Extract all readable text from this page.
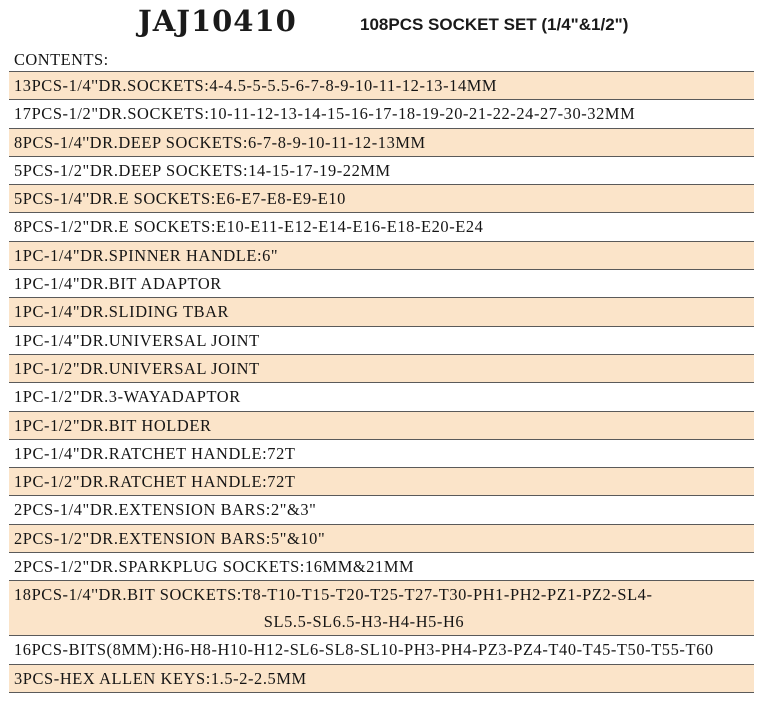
JAJ10410	108PCS SOCKET SET (1/4"&1/2")
CONTENTS:
13PCS-1/4''DR.SOCKETS:4-4.5-5-5.5-6-7-8-9-10-11-12-13-14MM
17PCS-1/2"DR.SOCKETS:10-11-12-13-14-15-16-17-18-19-20-21-22-24-27-30-32MM
8PCS-1/4''DR.DEEP SOCKETS:6-7-8-9-10-11-12-13MM
5PCS-1/2"DR.DEEP SOCKETS:14-15-17-19-22MM
5PCS-1/4''DR.E SOCKETS:E6-E7-E8-E9-E10
8PCS-1/2"DR.E SOCKETS:E10-E11-E12-E14-E16-E18-E20-E24
1PC-1/4"DR.SPINNER HANDLE:6"
1PC-1/4"DR.BIT ADAPTOR
1PC-1/4"DR.SLIDING TBAR
1PC-1/4"DR.UNIVERSAL JOINT
1PC-1/2"DR.UNIVERSAL JOINT
1PC-1/2"DR.3-WAYADAPTOR
1PC-1/2"DR.BIT HOLDER
1PC-1/4"DR.RATCHET HANDLE:72T
1PC-1/2"DR.RATCHET HANDLE:72T
2PCS-1/4"DR.EXTENSION BARS:2"&3"
2PCS-1/2"DR.EXTENSION BARS:5"&10"
2PCS-1/2"DR.SPARKPLUG SOCKETS:16MM&21MM
18PCS-1/4''DR.BIT SOCKETS:T8-T10-T15-T20-T25-T27-T30-PH1-PH2-PZ1-PZ2-SL4-
SL5.5-SL6.5-H3-H4-H5-H6
16PCS-BITS(8MM):H6-H8-H10-H12-SL6-SL8-SL10-PH3-PH4-PZ3-PZ4-T40-T45-T50-T55-T60
3PCS-HEX ALLEN KEYS:1.5-2-2.5MM
